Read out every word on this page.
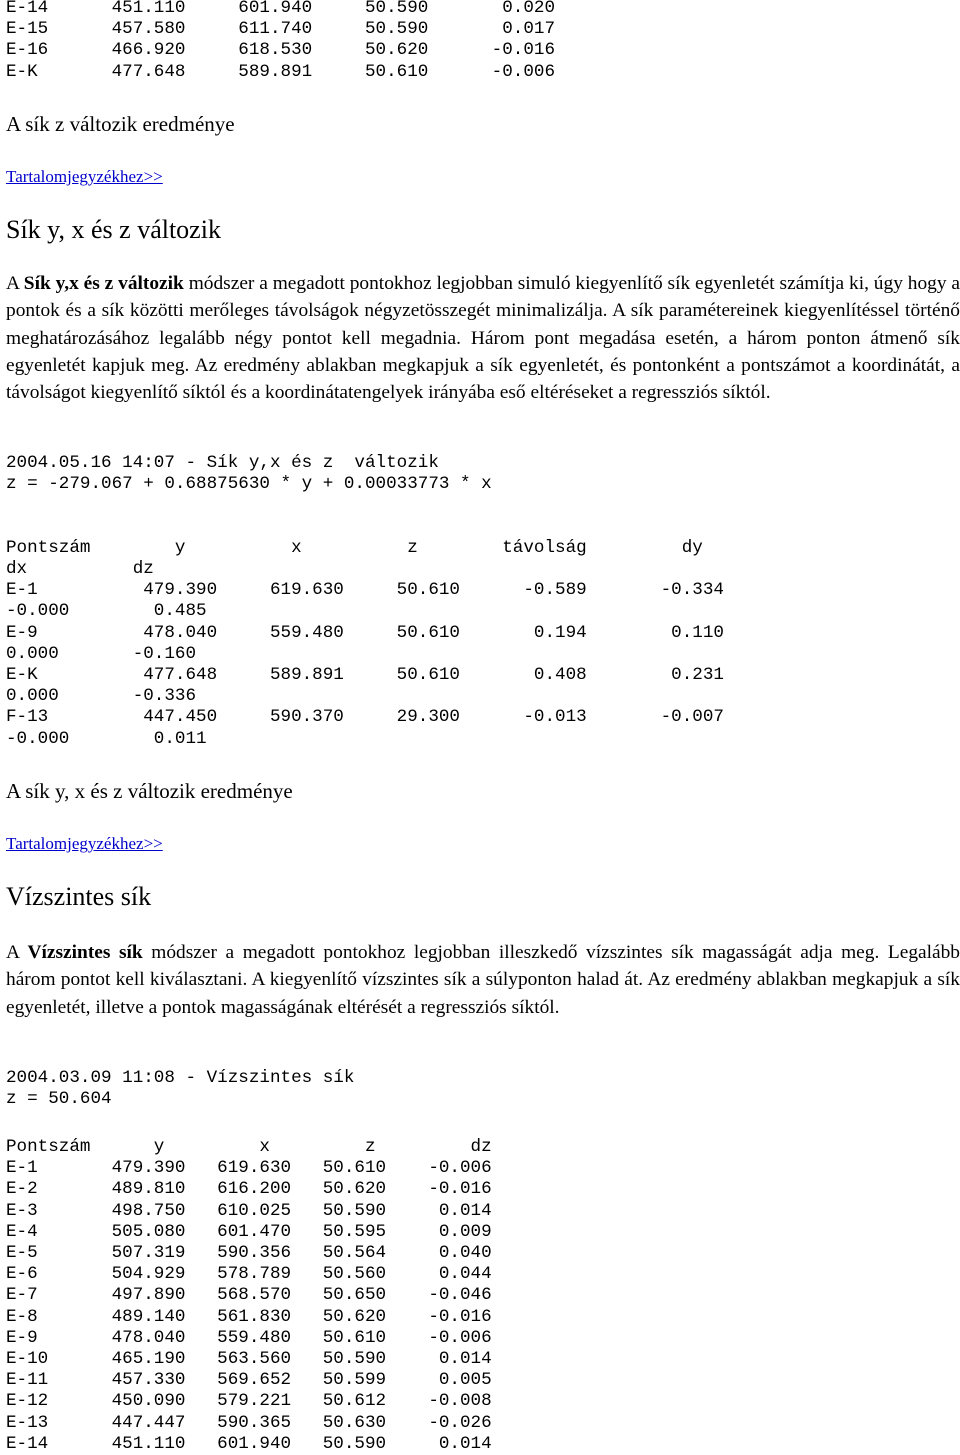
E-14      451.110     601.940     50.590       0.020
E-15      457.580     611.740     50.590       0.017
E-16      466.920     618.530     50.620      -0.016
E-K       477.648     589.891     50.610      -0.006

A sík z változik eredménye

Tartalomjegyzékhez>>
Sík y, x és z változik

A Sík y,x és z változik módszer a megadott pontokhoz legjobban simuló kiegyenlítő sík egyenletét számítja ki, úgy hogy a pontok és a sík közötti merőleges távolságok négyzetösszegét minimalizálja. A sík paramétereinek kiegyenlítéssel történő meghatározásához legalább négy pontot kell megadnia. Három pont megadása esetén, a három ponton átmenő sík egyenletét kapjuk meg. Az eredmény ablakban megkapjuk a sík egyenletét, és pontonként a pontszámot a koordinátát, a távolságot kiegyenlítő síktól és a koordinátatengelyek irányába eső eltéréseket a regressziós síktól.

2004.05.16 14:07 - Sík y,x és z  változik
z = -279.067 + 0.68875630 * y + 0.00033773 * x

Pontszám        y          x          z        távolság         dy
dx          dz
E-1          479.390     619.630     50.610      -0.589       -0.334
-0.000        0.485
E-9          478.040     559.480     50.610       0.194        0.110
0.000       -0.160
E-K          477.648     589.891     50.610       0.408        0.231
0.000       -0.336
F-13         447.450     590.370     29.300      -0.013       -0.007
-0.000        0.011

A sík y, x és z változik eredménye

Tartalomjegyzékhez>>
Vízszintes sík

A Vízszintes sík módszer a megadott pontokhoz legjobban illeszkedő vízszintes sík magasságát adja meg. Legalább három pontot kell kiválasztani. A kiegyenlítő vízszintes sík a súlyponton halad át. Az eredmény ablakban megkapjuk a sík egyenletét, illetve a pontok magasságának eltérését a regressziós síktól.

2004.03.09 11:08 - Vízszintes sík
z = 50.604
Pontszám      y         x         z         dz
E-1       479.390   619.630   50.610    -0.006
E-2       489.810   616.200   50.620    -0.016
E-3       498.750   610.025   50.590     0.014
E-4       505.080   601.470   50.595     0.009
E-5       507.319   590.356   50.564     0.040
E-6       504.929   578.789   50.560     0.044
E-7       497.890   568.570   50.650    -0.046
E-8       489.140   561.830   50.620    -0.016
E-9       478.040   559.480   50.610    -0.006
E-10      465.190   563.560   50.590     0.014
E-11      457.330   569.652   50.599     0.005
E-12      450.090   579.221   50.612    -0.008
E-13      447.447   590.365   50.630    -0.026
E-14      451.110   601.940   50.590     0.014
